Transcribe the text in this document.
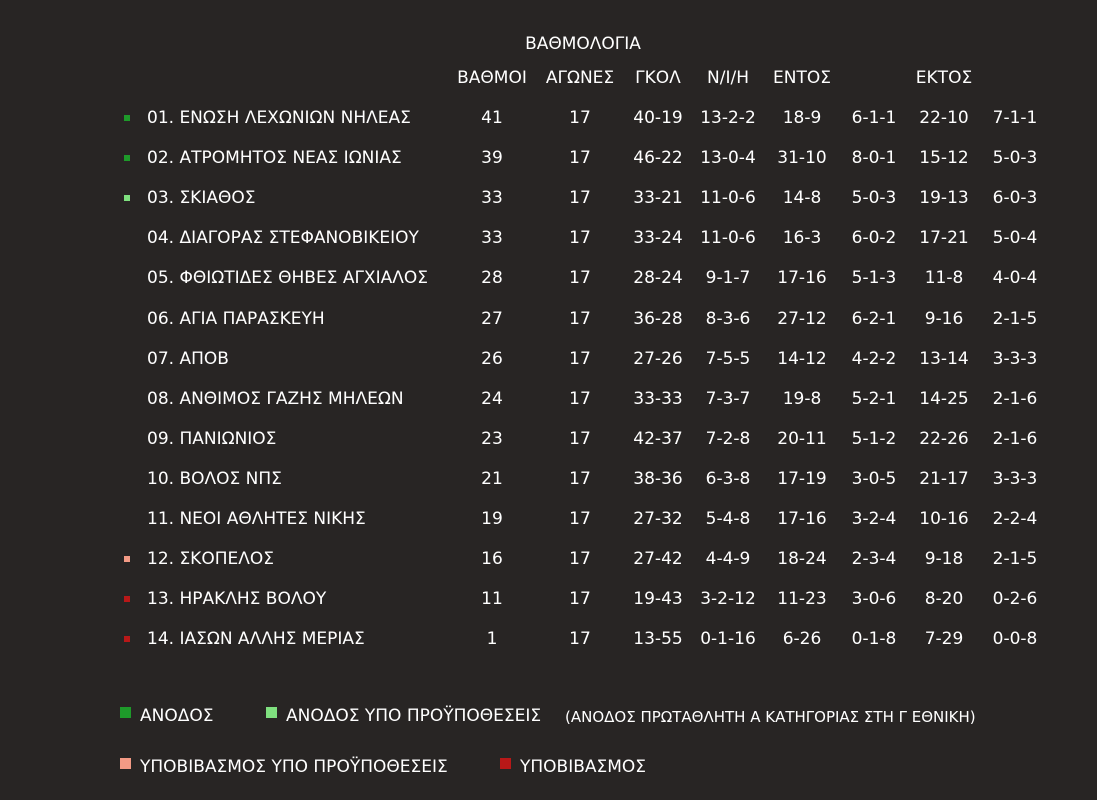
ΒΑΘΜΟΛΟΓΙΑ
ΒΑΘΜΟΙ ΑΓΩΝΕΣ ΓΚΟΛ Ν/Ι/Η ΕΝΤΟΣ	ΕΚΤΟΣ
01. ΕΝΩΣΗ ΛΕΧΩΝΙΩΝ ΝΗΛΕΑΣ	41	17 40-19 13-2-2 18-9 6-1-1 22-10 7-1-1
02. ΑΤΡΟΜΗΤΟΣ ΝΕΑΣ ΙΩΝΙΑΣ	39	17 46-22 13-0-4 31-10 8-0-1 15-12 5-0-3
03. ΣΚΙΑΘΟΣ	33	17 33-21 11-0-6 14-8 5-0-3 19-13 6-0-3
04. ΔΙΑΓΟΡΑΣ ΣΤΕΦΑΝΟΒΙΚΕΙΟΥ	33	17 33-24 11-0-6 16-3 6-0-2 17-21 5-0-4
05. ΦΘΙΩΤΙΔΕΣ ΘΗΒΕΣ ΑΓΧΙΑΛΟΣ	28	17 28-24 9-1-7 17-16 5-1-3 11-8 4-0-4
06. ΑΓΙΑ ΠΑΡΑΣΚΕΥΗ	27	17 36-28 8-3-6 27-12 6-2-1 9-16 2-1-5
07. ΑΠΟΒ	26	17 27-26 7-5-5 14-12 4-2-2 13-14 3-3-3
08. ΑΝΘΙΜΟΣ ΓΑΖΗΣ ΜΗΛΕΩΝ	24	17 33-33 7-3-7 19-8 5-2-1 14-25 2-1-6
09. ΠΑΝΙΩΝΙΟΣ	23	17 42-37 7-2-8 20-11 5-1-2 22-26 2-1-6
10. ΒΟΛΟΣ ΝΠΣ	21	17 38-36 6-3-8 17-19 3-0-5 21-17 3-3-3
11. ΝΕΟΙ ΑΘΛΗΤΕΣ ΝΙΚΗΣ	19	17 27-32 5-4-8 17-16 3-2-4 10-16 2-2-4
12. ΣΚΟΠΕΛΟΣ	16	17 27-42 4-4-9 18-24 2-3-4 9-18 2-1-5
13. ΗΡΑΚΛΗΣ ΒΟΛΟΥ	11	17 19-43 3-2-12 11-23 3-0-6 8-20 0-2-6
14. ΙΑΣΩΝ ΑΛΛΗΣ ΜΕΡΙΑΣ	1	17 13-55 0-1-16 6-26 0-1-8 7-29 0-0-8
ΑΝΟΔΟΣ	ΑΝΟΔΟΣ ΥΠΟ ΠΡΟΫΠΟΘΕΣΕΙΣ (ΑΝΟΔΟΣ ΠΡΩΤΑΘΛΗΤΗ Α ΚΑΤΗΓΟΡΙΑΣ ΣΤΗ Γ ΕΘΝΙΚΗ)
ΥΠΟΒΙΒΑΣΜΟΣ ΥΠΟ ΠΡΟΫΠΟΘΕΣΕΙΣ	ΥΠΟΒΙΒΑΣΜΟΣ
